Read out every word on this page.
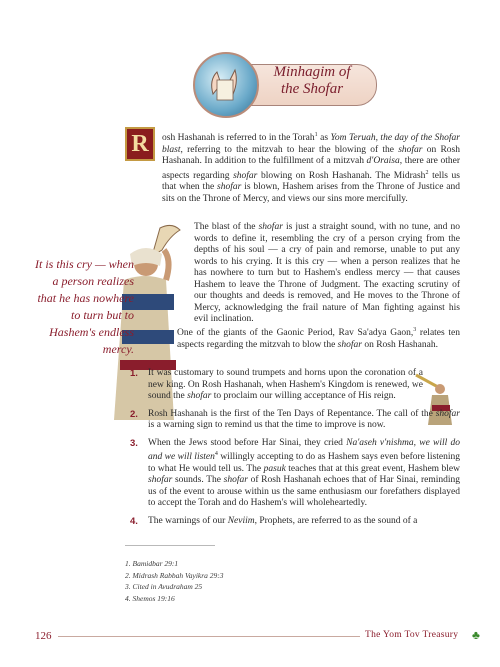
Minhagim of
the Shofar
R	osh Hashanah is referred to in the Torah$^1$ as Yom Teruah, the day of the Shofar blast, referring to the mitzvah to hear the blowing of the shofar on Rosh Hashanah. In addition to the fulfillment of a mitzvah d'Oraisa, there are other aspects regarding shofar blowing on Rosh Hashanah. The Midrash$^2$ tells us that when the shofar is blown, Hashem arises from the Throne of Justice and sits on the Throne of Mercy, and views our sins more mercifully.
It is this cry — when a person realizes that he has nowhere to turn but to Hashem's endless mercy.
The blast of the shofar is just a straight sound, with no tune, and no words to define it, resembling the cry of a person crying from the depths of his soul — a cry of pain and remorse, unable to put any words to his crying. It is this cry — when a person realizes that he has nowhere to turn but to Hashem's endless mercy — that causes Hashem to leave the Throne of Judgment. The exacting scrutiny of our thoughts and deeds is removed, and He moves to the Throne of Mercy, acknowledging the frail nature of Man fighting against his evil inclination.
One of the giants of the Gaonic Period, Rav Sa'adya Gaon,$^3$ relates ten aspects regarding the mitzvah to blow the shofar on Rosh Hashanah.
1. It was customary to sound trumpets and horns upon the coronation of a new king. On Rosh Hashanah, when Hashem's Kingdom is renewed, we sound the shofar to proclaim our willing acceptance of His reign.
2. Rosh Hashanah is the first of the Ten Days of Repentance. The call of the shofar is a warning sign to remind us that the time to improve is now.
3. When the Jews stood before Har Sinai, they cried Na'aseh v'nishma, we will do and we will listen$^4$ willingly accepting to do as Hashem says even before listening to what He would tell us. The pasuk teaches that at this great event, Hashem blew shofar sounds. The shofar of Rosh Hashanah echoes that of Har Sinai, reminding us of the event to arouse within us the same enthusiasm our forefathers displayed to accept the Torah and do Hashem's will wholeheartedly.
4. The warnings of our Neviim, Prophets, are referred to as the sound of a
1. Bamidbar 29:1
2. Midrash Rabbah Vayikra 29:3
3. Cited in Avudraham 25
4. Shemos 19:16
126	The Yom Tov Treasury ♣
